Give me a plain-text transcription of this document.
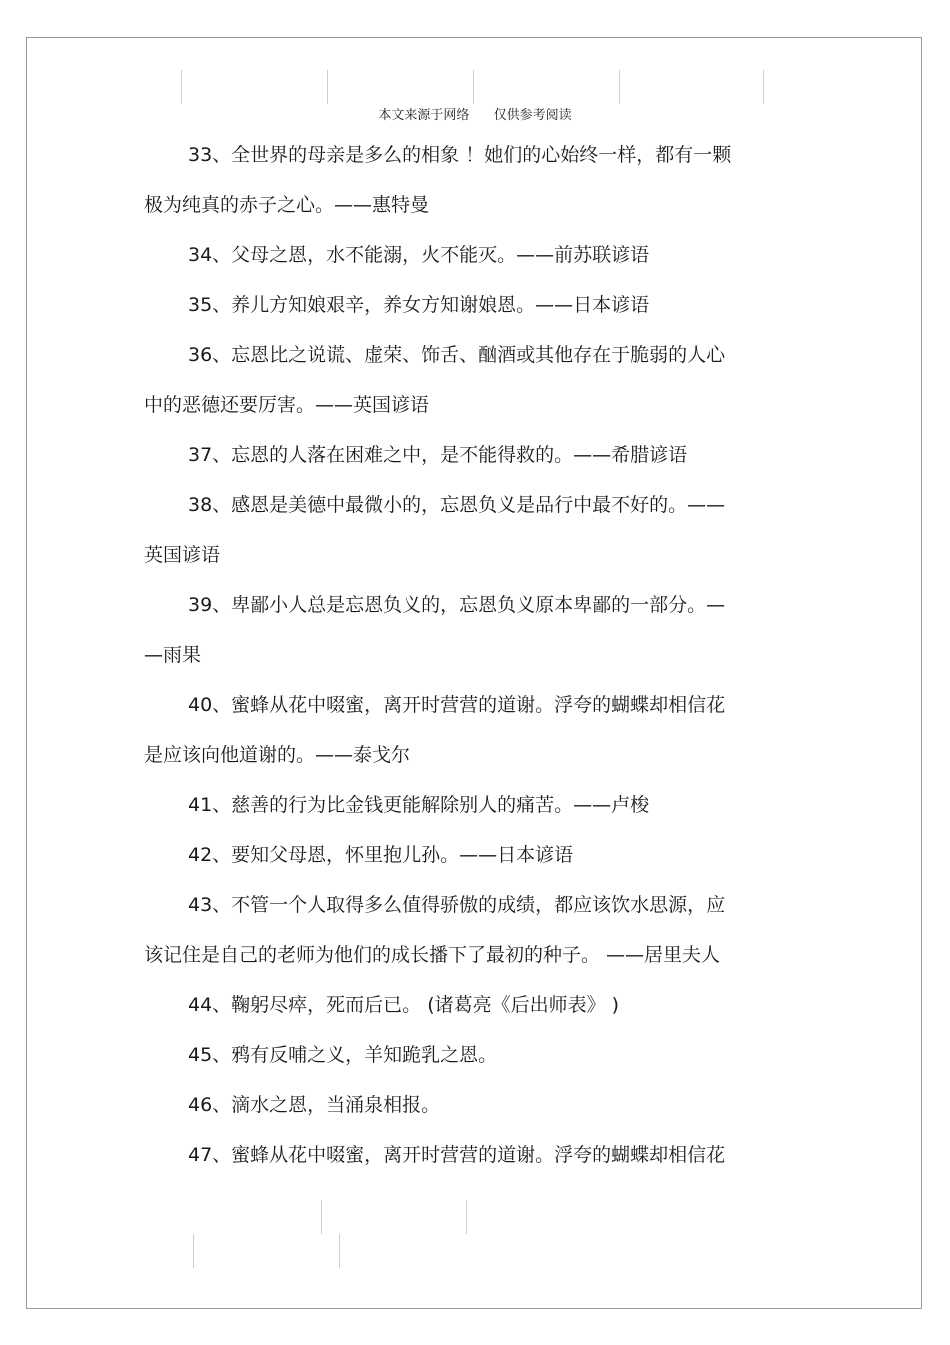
本文来源于网络 仅供参考阅读

33、全世界的母亲是多么的相象 ！她们的心始终一样，都有一颗

极为纯真的赤子之心。——惠特曼

34、父母之恩，水不能溺，火不能灭。——前苏联谚语

35、养儿方知娘艰辛，养女方知谢娘恩。——日本谚语

36、忘恩比之说谎、虚荣、饰舌、酗酒或其他存在于脆弱的人心

中的恶德还要厉害。——英国谚语

37、忘恩的人落在困难之中，是不能得救的。——希腊谚语

38、感恩是美德中最微小的，忘恩负义是品行中最不好的。——

英国谚语

39、卑鄙小人总是忘恩负义的，忘恩负义原本卑鄙的一部分。—

—雨果

40、蜜蜂从花中啜蜜，离开时营营的道谢。浮夸的蝴蝶却相信花

是应该向他道谢的。——泰戈尔

41、慈善的行为比金钱更能解除别人的痛苦。——卢梭

42、要知父母恩，怀里抱儿孙。——日本谚语

43、不管一个人取得多么值得骄傲的成绩，都应该饮水思源，应

该记住是自己的老师为他们的成长播下了最初的种子。 ——居里夫人

44、鞠躬尽瘁，死而后已。 (诸葛亮《后出师表》 )

45、鸦有反哺之义，羊知跪乳之恩。

46、滴水之恩，当涌泉相报。

47、蜜蜂从花中啜蜜，离开时营营的道谢。浮夸的蝴蝶却相信花
